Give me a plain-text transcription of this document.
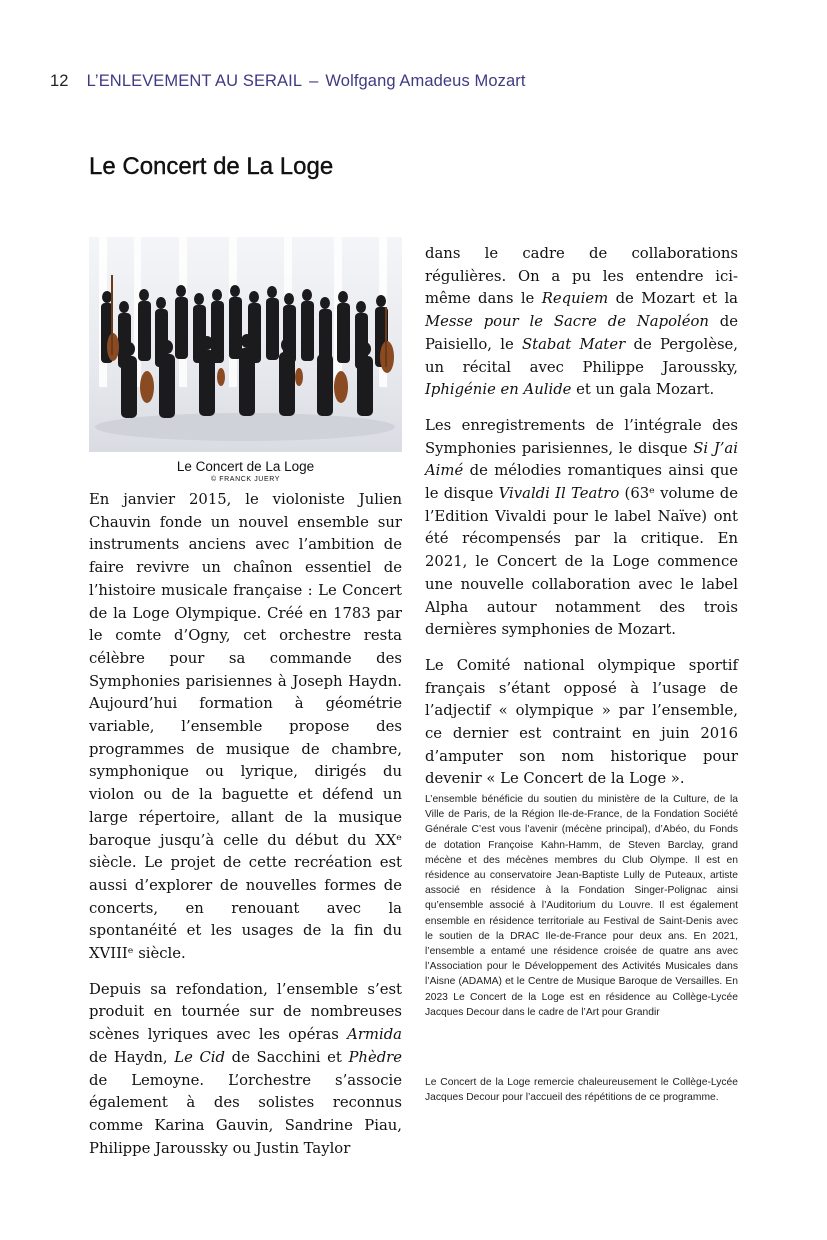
12 L’ENLEVEMENT AU SERAIL – Wolfgang Amadeus Mozart
Le Concert de La Loge
Le Concert de La Loge
© FRANCK JUERY

En janvier 2015, le violoniste Julien Chauvin fonde un nouvel ensemble sur instruments anciens avec l’ambition de faire revivre un chaînon essentiel de l’histoire musicale française : Le Concert de la Loge Olympique. Créé en 1783 par le comte d’Ogny, cet orchestre resta célèbre pour sa commande des Symphonies parisiennes à Joseph Haydn. Aujourd’hui formation à géométrie variable, l’ensemble propose des programmes de musique de chambre, symphonique ou lyrique, dirigés du violon ou de la baguette et défend un large répertoire, allant de la musique baroque jusqu’à celle du début du XXᵉ siècle. Le projet de cette recréation est aussi d’explorer de nouvelles formes de concerts, en renouant avec la spontanéité et les usages de la fin du XVIIIᵉ siècle.

Depuis sa refondation, l’ensemble s’est produit en tournée sur de nombreuses scènes lyriques avec les opéras Armida de Haydn, Le Cid de Sacchini et Phèdre de Lemoyne. L’orchestre s’associe également à des solistes reconnus comme Karina Gauvin, Sandrine Piau, Philippe Jaroussky ou Justin Taylor

dans le cadre de collaborations régulières. On a pu les entendre ici-même dans le Requiem de Mozart et la Messe pour le Sacre de Napoléon de Paisiello, le Stabat Mater de Pergolèse, un récital avec Philippe Jaroussky, Iphigénie en Aulide et un gala Mozart.

Les enregistrements de l’intégrale des Symphonies parisiennes, le disque Si J’ai Aimé de mélodies romantiques ainsi que le disque Vivaldi Il Teatro (63ᵉ volume de l’Edition Vivaldi pour le label Naïve) ont été récompensés par la critique. En 2021, le Concert de la Loge commence une nouvelle collaboration avec le label Alpha autour notamment des trois dernières symphonies de Mozart.

Le Comité national olympique sportif français s’étant opposé à l’usage de l’adjectif « olympique » par l’ensemble, ce dernier est contraint en juin 2016 d’amputer son nom historique pour devenir « Le Concert de la Loge ».

L’ensemble bénéficie du soutien du ministère de la Culture, de la Ville de Paris, de la Région Ile-de-France, de la Fondation Société Générale C’est vous l’avenir (mécène principal), d’Abéo, du Fonds de dotation Françoise Kahn-Hamm, de Steven Barclay, grand mécène et des mécènes membres du Club Olympe. Il est en résidence au conservatoire Jean-Baptiste Lully de Puteaux, artiste associé en résidence à la Fondation Singer-Polignac ainsi qu’ensemble associé à l’Auditorium du Louvre. Il est également ensemble en résidence territoriale au Festival de Saint-Denis avec le soutien de la DRAC Ile-de-France pour deux ans. En 2021, l’ensemble a entamé une résidence croisée de quatre ans avec l’Association pour le Développement des Activités Musicales dans l’Aisne (ADAMA) et le Centre de Musique Baroque de Versailles. En 2023 Le Concert de la Loge est en résidence au Collège-Lycée Jacques Decour dans le cadre de l’Art pour Grandir

Le Concert de la Loge remercie chaleureusement le Collège-Lycée Jacques Decour pour l’accueil des répétitions de ce programme.
